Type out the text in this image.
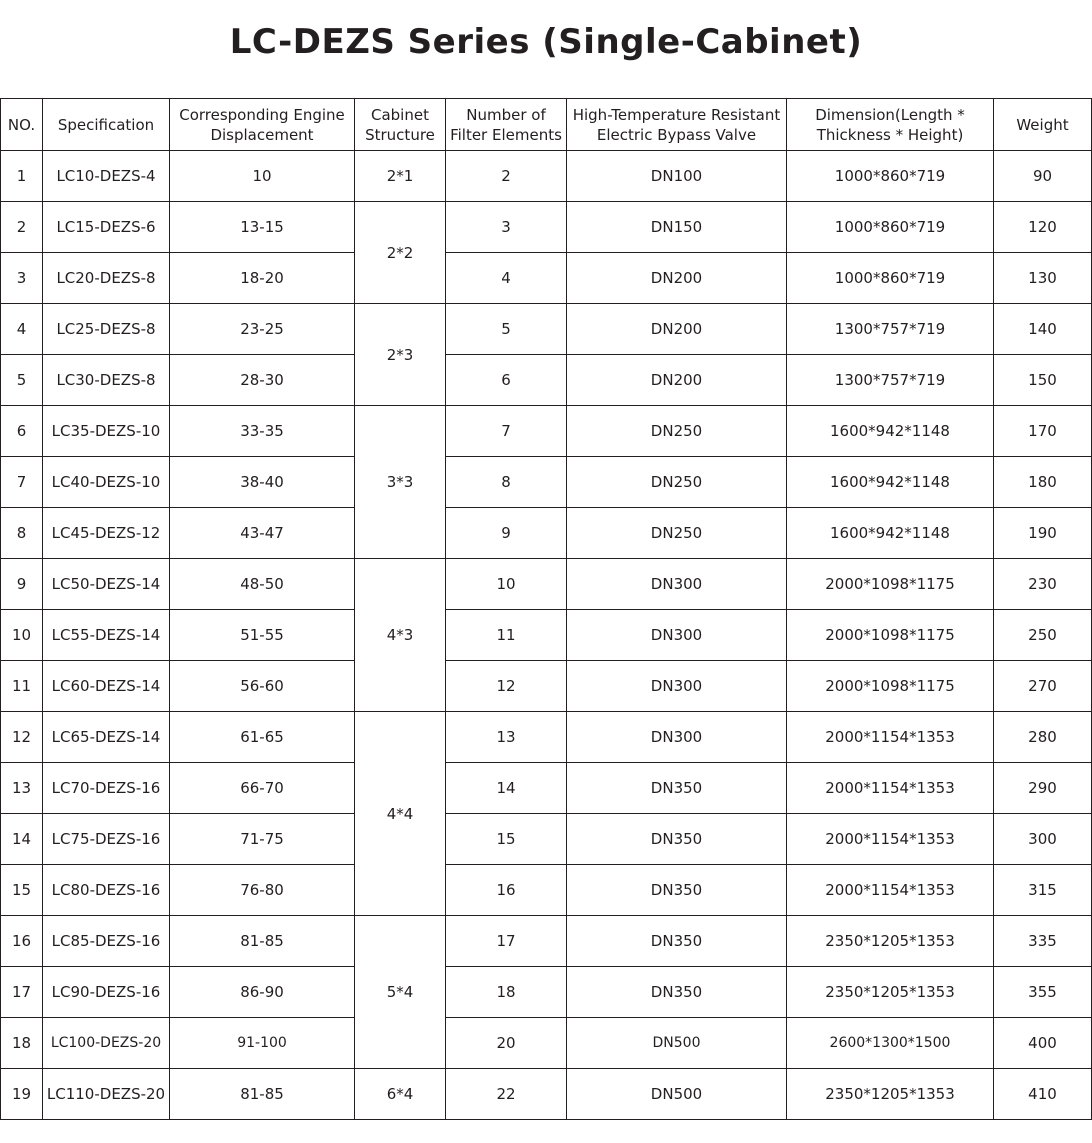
LC-DEZS Series (Single-Cabinet)
NO.	Specification	Corresponding Engine Displacement	Cabinet Structure	Number of Filter Elements	High-Temperature Resistant Electric Bypass Valve	Dimension(Length * Thickness * Height)	Weight
1	LC10-DEZS-4	10	2*1	2	DN100	1000*860*719	90
2	LC15-DEZS-6	13-15	2*2	3	DN150	1000*860*719	120
3	LC20-DEZS-8	18-20		4	DN200	1000*860*719	130
4	LC25-DEZS-8	23-25	2*3	5	DN200	1300*757*719	140
5	LC30-DEZS-8	28-30		6	DN200	1300*757*719	150
6	LC35-DEZS-10	33-35	3*3	7	DN250	1600*942*1148	170
7	LC40-DEZS-10	38-40		8	DN250	1600*942*1148	180
8	LC45-DEZS-12	43-47		9	DN250	1600*942*1148	190
9	LC50-DEZS-14	48-50	4*3	10	DN300	2000*1098*1175	230
10	LC55-DEZS-14	51-55		11	DN300	2000*1098*1175	250
11	LC60-DEZS-14	56-60		12	DN300	2000*1098*1175	270
12	LC65-DEZS-14	61-65	4*4	13	DN300	2000*1154*1353	280
13	LC70-DEZS-16	66-70		14	DN350	2000*1154*1353	290
14	LC75-DEZS-16	71-75		15	DN350	2000*1154*1353	300
15	LC80-DEZS-16	76-80		16	DN350	2000*1154*1353	315
16	LC85-DEZS-16	81-85	5*4	17	DN350	2350*1205*1353	335
17	LC90-DEZS-16	86-90		18	DN350	2350*1205*1353	355
18	LC100-DEZS-20	91-100		20	DN500	2600*1300*1500	400
19	LC110-DEZS-20	81-85	6*4	22	DN500	2350*1205*1353	410
